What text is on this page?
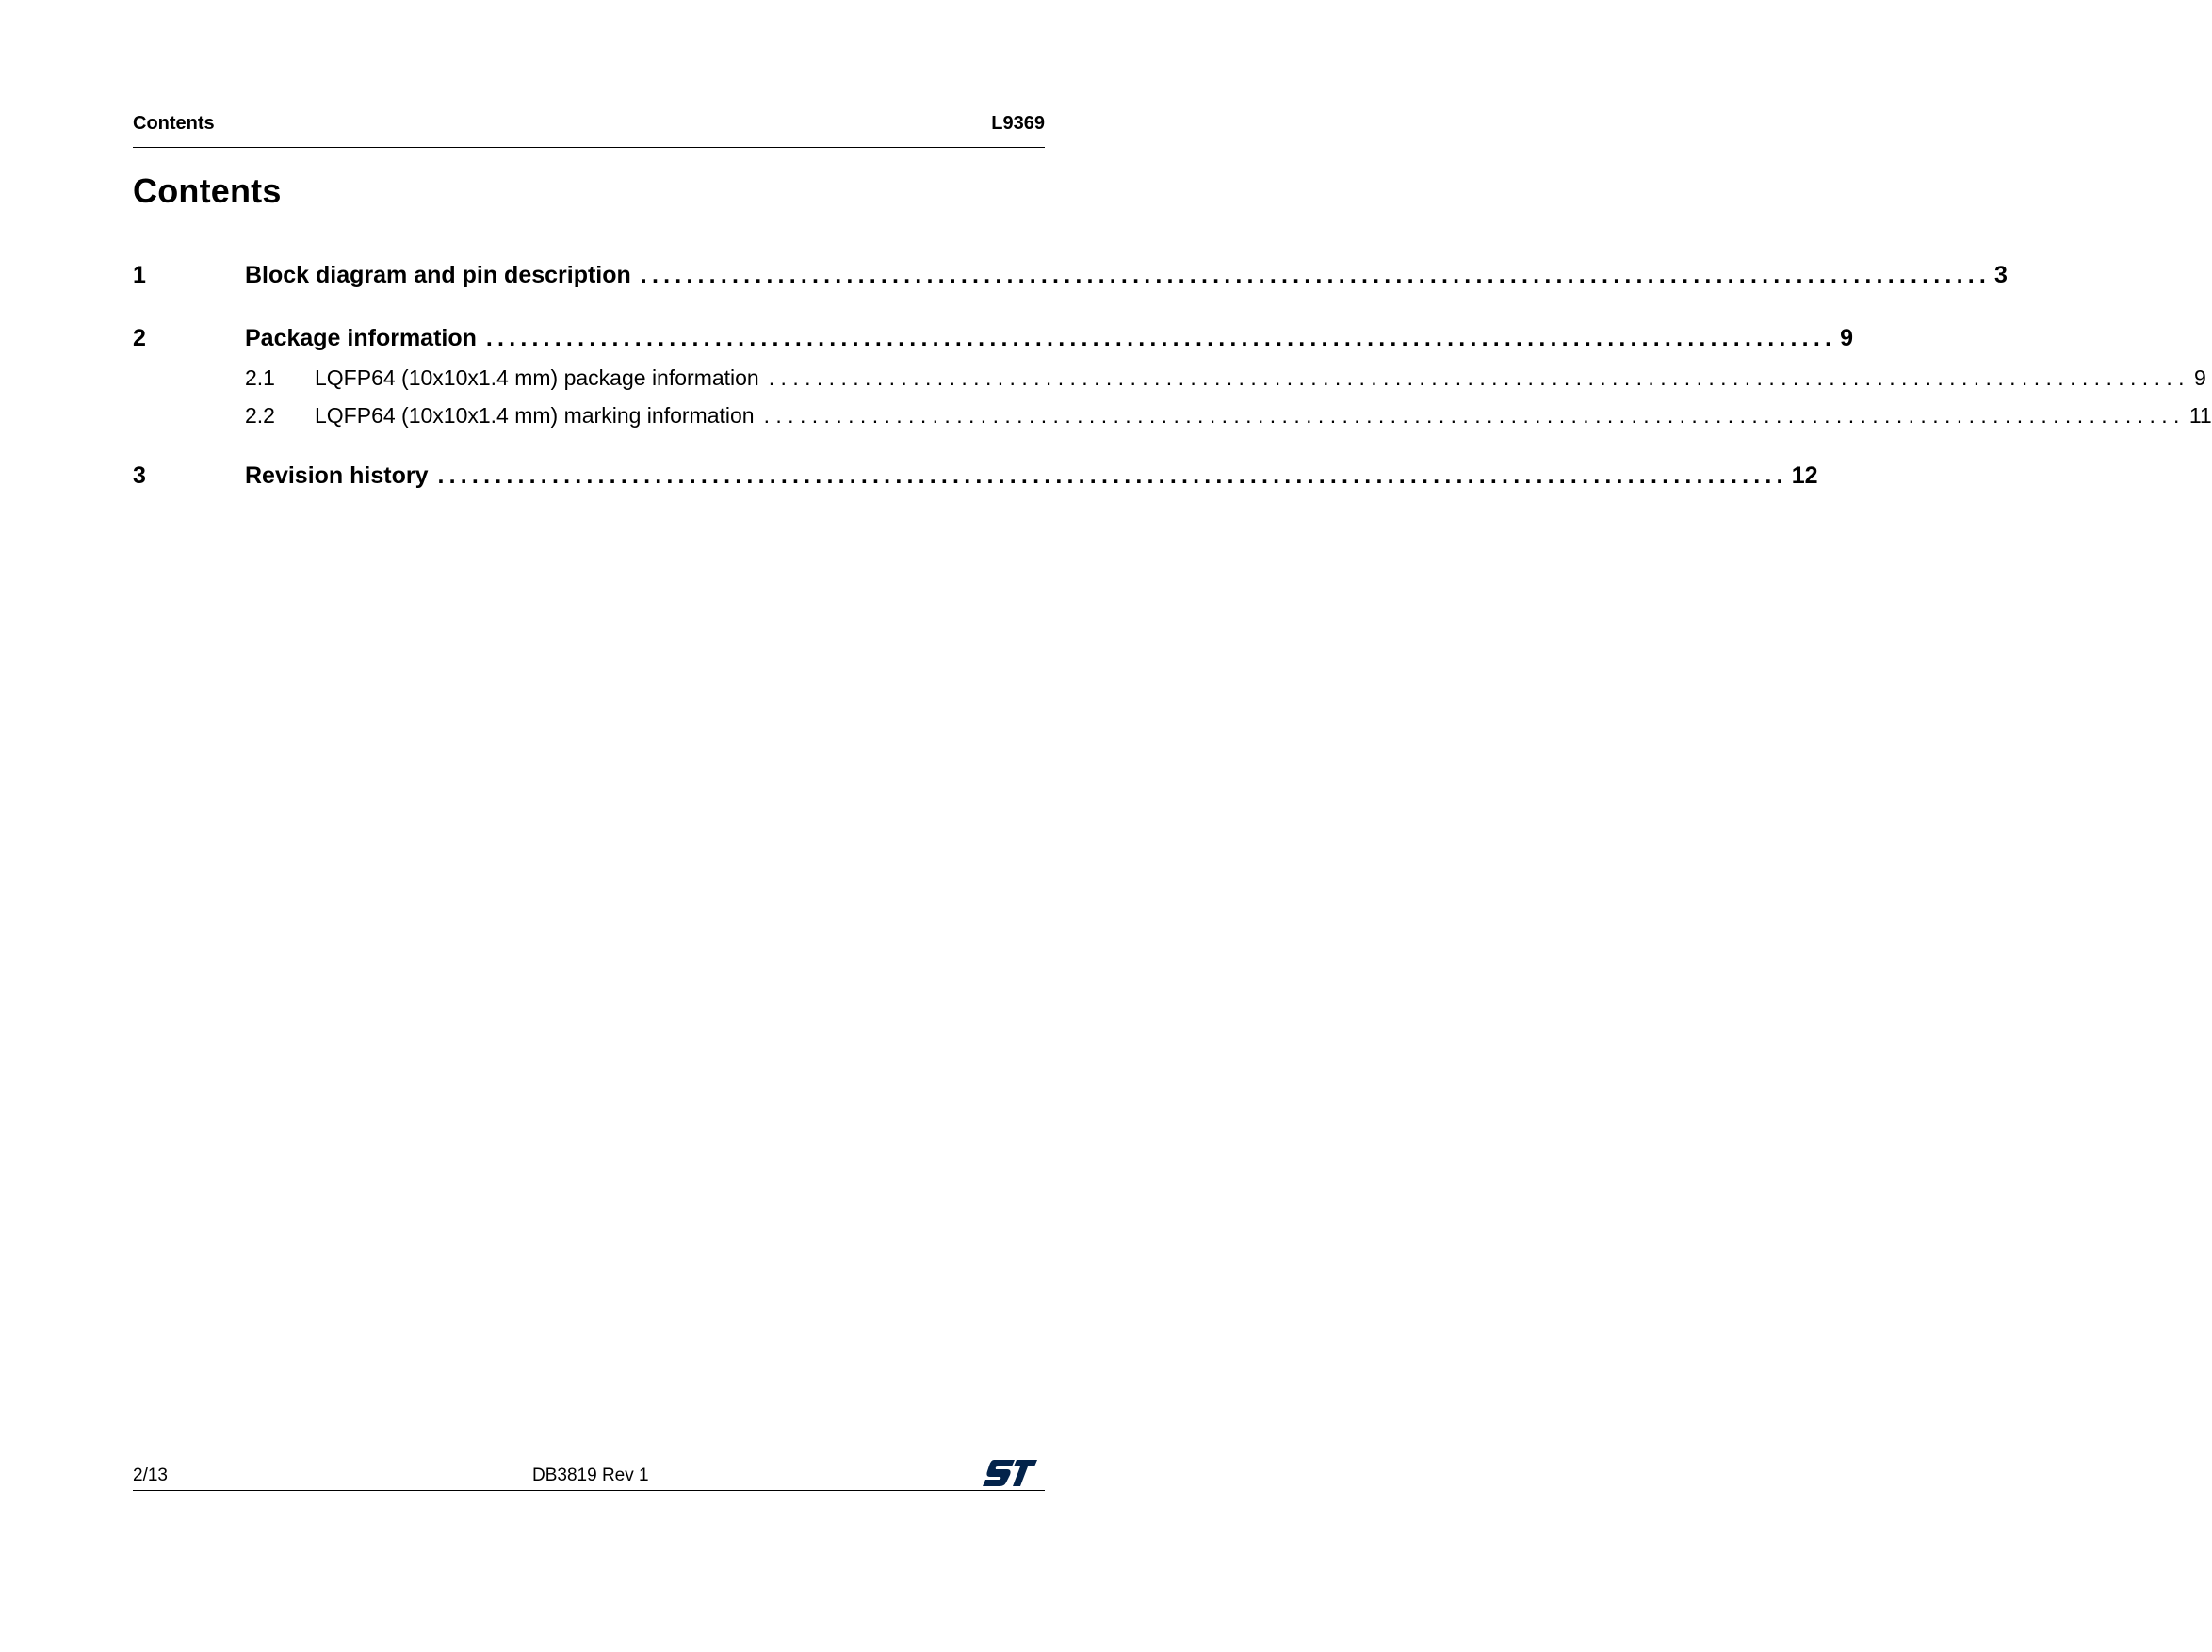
Contents	L9369
Contents
1	Block diagram and pin description ...................................................................................................................... 3
2	Package information ...................................................................................................................... 9
2.1 LQFP64 (10x10x1.4 mm) package information ...................................................................................................................... 9
2.2 LQFP64 (10x10x1.4 mm) marking information ...................................................................................................................... 11
3	Revision history ...................................................................................................................... 12
2/13	DB3819 Rev 1
